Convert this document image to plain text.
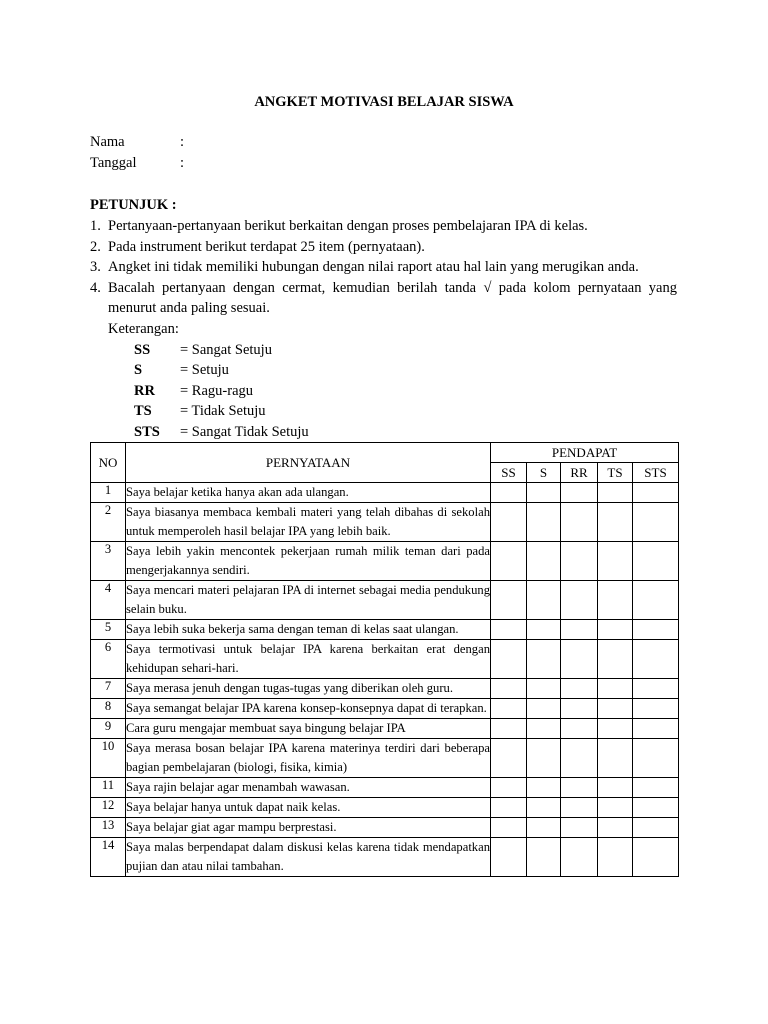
ANGKET MOTIVASI BELAJAR SISWA
Nama	:
Tanggal	:
PETUNJUK :
1. Pertanyaan-pertanyaan berikut berkaitan dengan proses pembelajaran IPA di kelas.
2. Pada instrument berikut terdapat 25 item (pernyataan).
3. Angket ini tidak memiliki hubungan dengan nilai raport atau hal lain yang merugikan anda.
4. Bacalah pertanyaan dengan cermat, kemudian berilah tanda √ pada kolom pernyataan yang menurut anda paling sesuai.
Keterangan:
SS	= Sangat Setuju
S	= Setuju
RR	= Ragu-ragu
TS	= Tidak Setuju
STS	= Sangat Tidak Setuju
NO	PERNYATAAN	PENDAPAT				
		SS	S	RR	TS	STS
1	Saya belajar ketika hanya akan ada ulangan.					
2	Saya biasanya membaca kembali materi yang telah dibahas di sekolah untuk memperoleh hasil belajar IPA yang lebih baik.					
3	Saya lebih yakin mencontek pekerjaan rumah milik teman dari pada mengerjakannya sendiri.					
4	Saya mencari materi pelajaran IPA di internet sebagai media pendukung selain buku.					
5	Saya lebih suka bekerja sama dengan teman di kelas saat ulangan.					
6	Saya termotivasi untuk belajar IPA karena berkaitan erat dengan kehidupan sehari-hari.					
7	Saya merasa jenuh dengan tugas-tugas yang diberikan oleh guru.					
8	Saya semangat belajar IPA karena konsep-konsepnya dapat di terapkan.					
9	Cara guru mengajar membuat saya bingung belajar IPA					
10	Saya merasa bosan belajar IPA karena materinya terdiri dari beberapa bagian pembelajaran (biologi, fisika, kimia)					
11	Saya rajin belajar agar menambah wawasan.					
12	Saya belajar hanya untuk dapat naik kelas.					
13	Saya belajar giat agar mampu berprestasi.					
14	Saya malas berpendapat dalam diskusi kelas karena tidak mendapatkan pujian dan atau nilai tambahan.					
